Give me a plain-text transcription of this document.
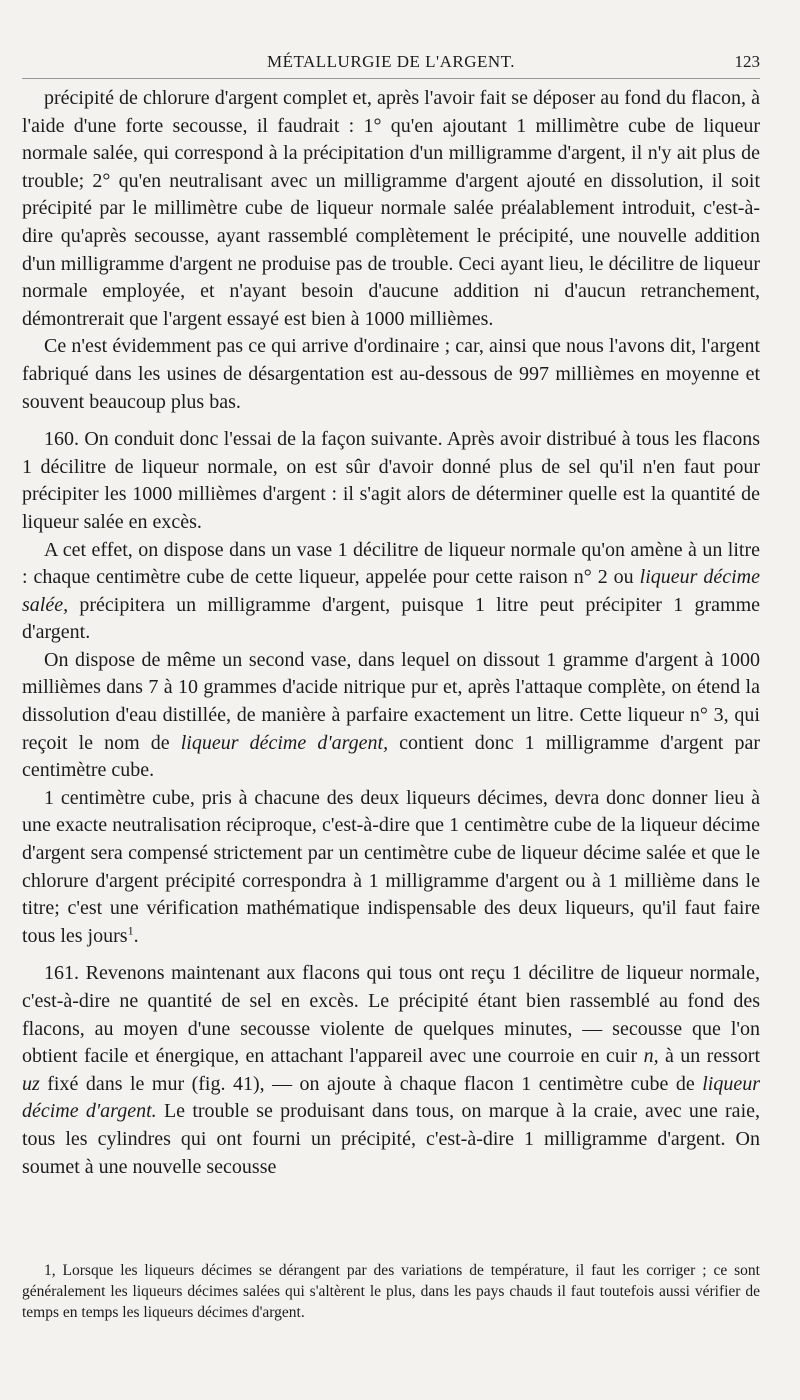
MÉTALLURGIE DE L'ARGENT.	123

précipité de chlorure d'argent complet et, après l'avoir fait se déposer au fond du flacon, à l'aide d'une forte secousse, il faudrait : 1° qu'en ajoutant 1 millimètre cube de liqueur normale salée, qui correspond à la précipitation d'un milligramme d'argent, il n'y ait plus de trouble; 2° qu'en neutralisant avec un milligramme d'argent ajouté en dissolution, il soit précipité par le millimètre cube de liqueur normale salée préalablement introduit, c'est-à-dire qu'après secousse, ayant rassemblé complètement le précipité, une nouvelle addition d'un milligramme d'argent ne produise pas de trouble. Ceci ayant lieu, le décilitre de liqueur normale employée, et n'ayant besoin d'aucune addition ni d'aucun retranchement, démontrerait que l'argent essayé est bien à 1000 millièmes.

Ce n'est évidemment pas ce qui arrive d'ordinaire ; car, ainsi que nous l'avons dit, l'argent fabriqué dans les usines de désargentation est au-dessous de 997 millièmes en moyenne et souvent beaucoup plus bas.

160. On conduit donc l'essai de la façon suivante. Après avoir distribué à tous les flacons 1 décilitre de liqueur normale, on est sûr d'avoir donné plus de sel qu'il n'en faut pour précipiter les 1000 millièmes d'argent : il s'agit alors de déterminer quelle est la quantité de liqueur salée en excès.

A cet effet, on dispose dans un vase 1 décilitre de liqueur normale qu'on amène à un litre : chaque centimètre cube de cette liqueur, appelée pour cette raison n° 2 ou liqueur décime salée, précipitera un milligramme d'argent, puisque 1 litre peut précipiter 1 gramme d'argent.

On dispose de même un second vase, dans lequel on dissout 1 gramme d'argent à 1000 millièmes dans 7 à 10 grammes d'acide nitrique pur et, après l'attaque complète, on étend la dissolution d'eau distillée, de manière à parfaire exactement un litre. Cette liqueur n° 3, qui reçoit le nom de liqueur décime d'argent, contient donc 1 milligramme d'argent par centimètre cube.

1 centimètre cube, pris à chacune des deux liqueurs décimes, devra donc donner lieu à une exacte neutralisation réciproque, c'est-à-dire que 1 centimètre cube de la liqueur décime d'argent sera compensé strictement par un centimètre cube de liqueur décime salée et que le chlorure d'argent précipité correspondra à 1 milligramme d'argent ou à 1 millième dans le titre; c'est une vérification mathématique indispensable des deux liqueurs, qu'il faut faire tous les jours$^1$.

161. Revenons maintenant aux flacons qui tous ont reçu 1 décilitre de liqueur normale, c'est-à-dire ne quantité de sel en excès. Le précipité étant bien rassemblé au fond des flacons, au moyen d'une secousse violente de quelques minutes, — secousse que l'on obtient facile et énergique, en attachant l'appareil avec une courroie en cuir n, à un ressort uz fixé dans le mur (fig. 41), — on ajoute à chaque flacon 1 centimètre cube de liqueur décime d'argent. Le trouble se produisant dans tous, on marque à la craie, avec une raie, tous les cylindres qui ont fourni un précipité, c'est-à-dire 1 milligramme d'argent. On soumet à une nouvelle secousse

1, Lorsque les liqueurs décimes se dérangent par des variations de température, il faut les corriger ; ce sont généralement les liqueurs décimes salées qui s'altèrent le plus, dans les pays chauds il faut toutefois aussi vérifier de temps en temps les liqueurs décimes d'argent.
